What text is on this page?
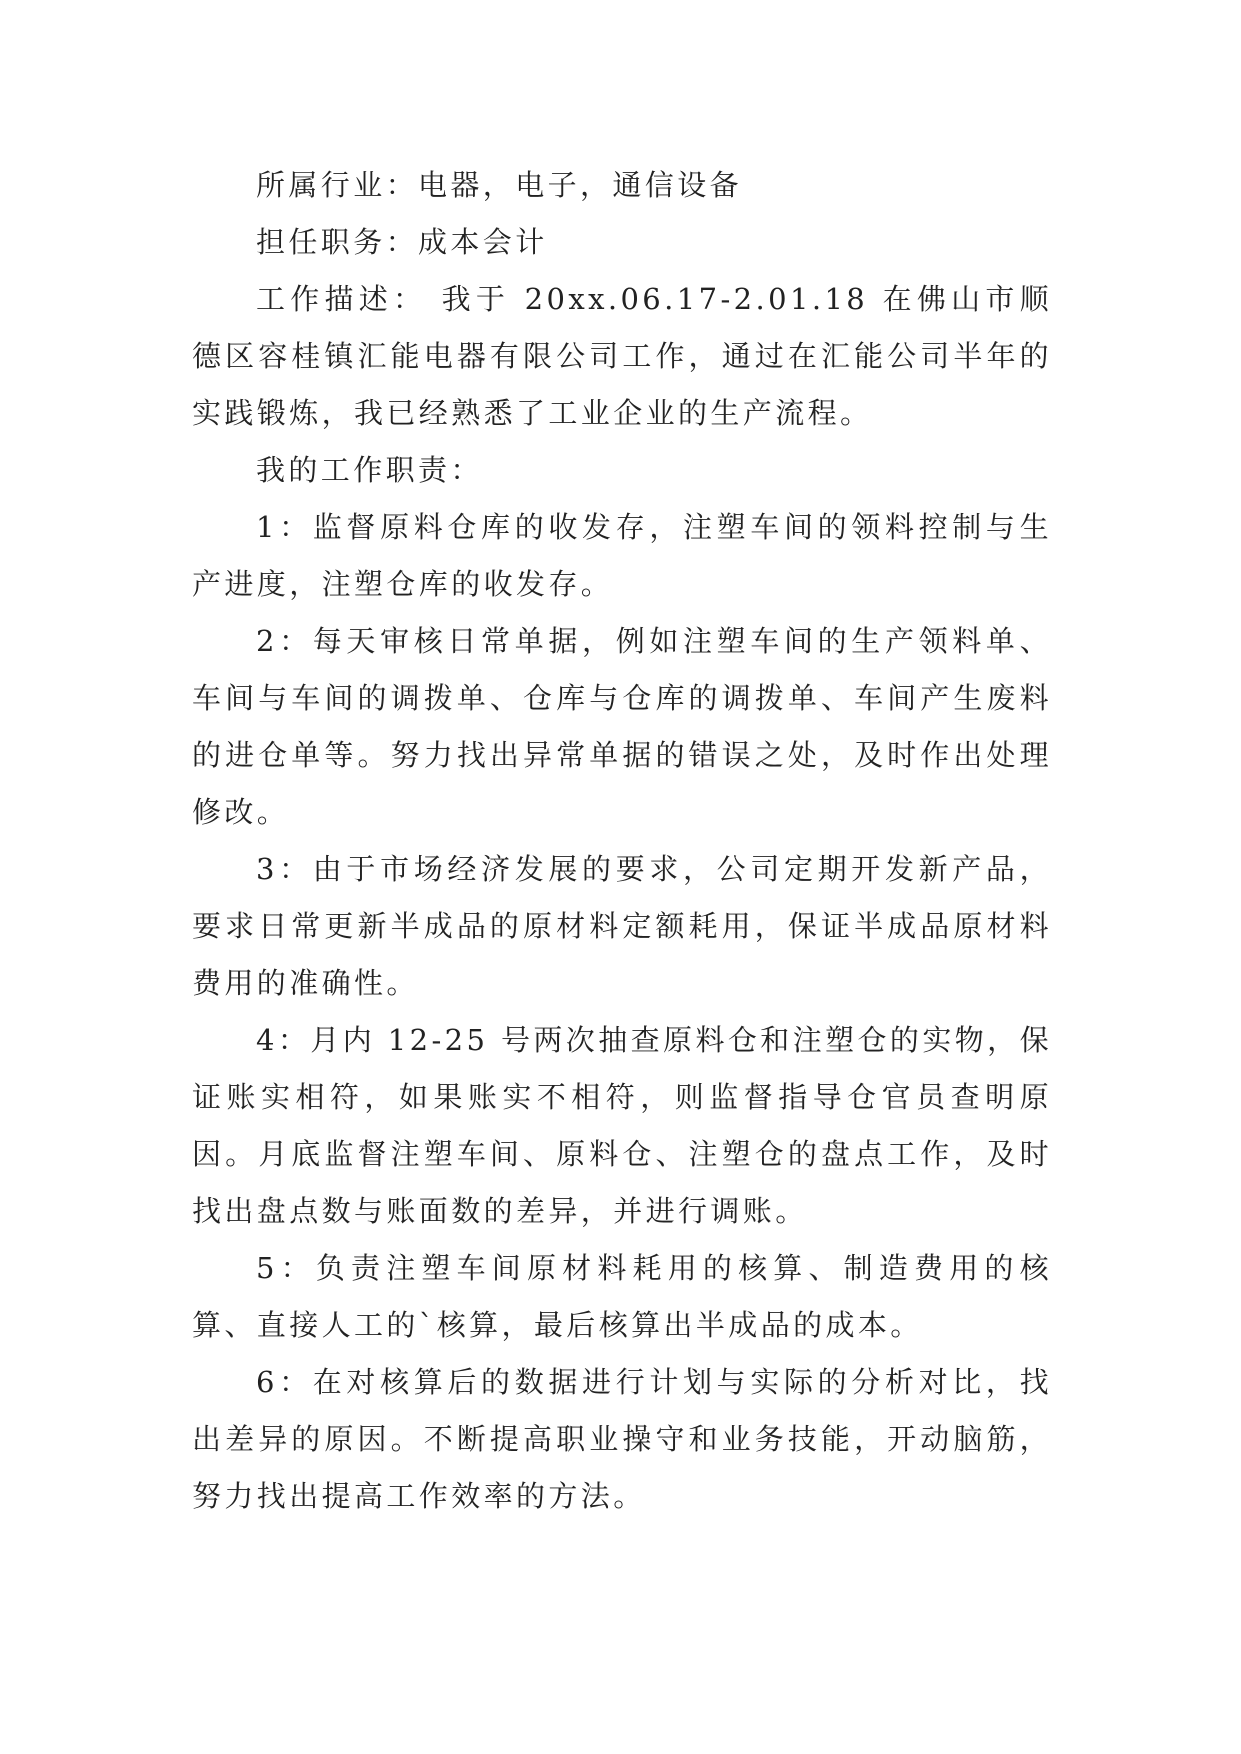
所属行业：电器，电子，通信设备

担任职务：成本会计

工作描述： 我于 20xx.06.17-2.01.18 在佛山市顺德区容桂镇汇能电器有限公司工作，通过在汇能公司半年的实践锻炼，我已经熟悉了工业企业的生产流程。

我的工作职责：

1：监督原料仓库的收发存，注塑车间的领料控制与生产进度，注塑仓库的收发存。

2：每天审核日常单据，例如注塑车间的生产领料单、车间与车间的调拨单、仓库与仓库的调拨单、车间产生废料的进仓单等。努力找出异常单据的错误之处，及时作出处理修改。

3：由于市场经济发展的要求，公司定期开发新产品，要求日常更新半成品的原材料定额耗用，保证半成品原材料费用的准确性。

4：月内 12-25 号两次抽查原料仓和注塑仓的实物，保证账实相符，如果账实不相符，则监督指导仓官员查明原因。月底监督注塑车间、原料仓、注塑仓的盘点工作，及时找出盘点数与账面数的差异，并进行调账。

5：负责注塑车间原材料耗用的核算、制造费用的核算、直接人工的`核算，最后核算出半成品的成本。

6：在对核算后的数据进行计划与实际的分析对比，找出差异的原因。不断提高职业操守和业务技能，开动脑筋，努力找出提高工作效率的方法。
